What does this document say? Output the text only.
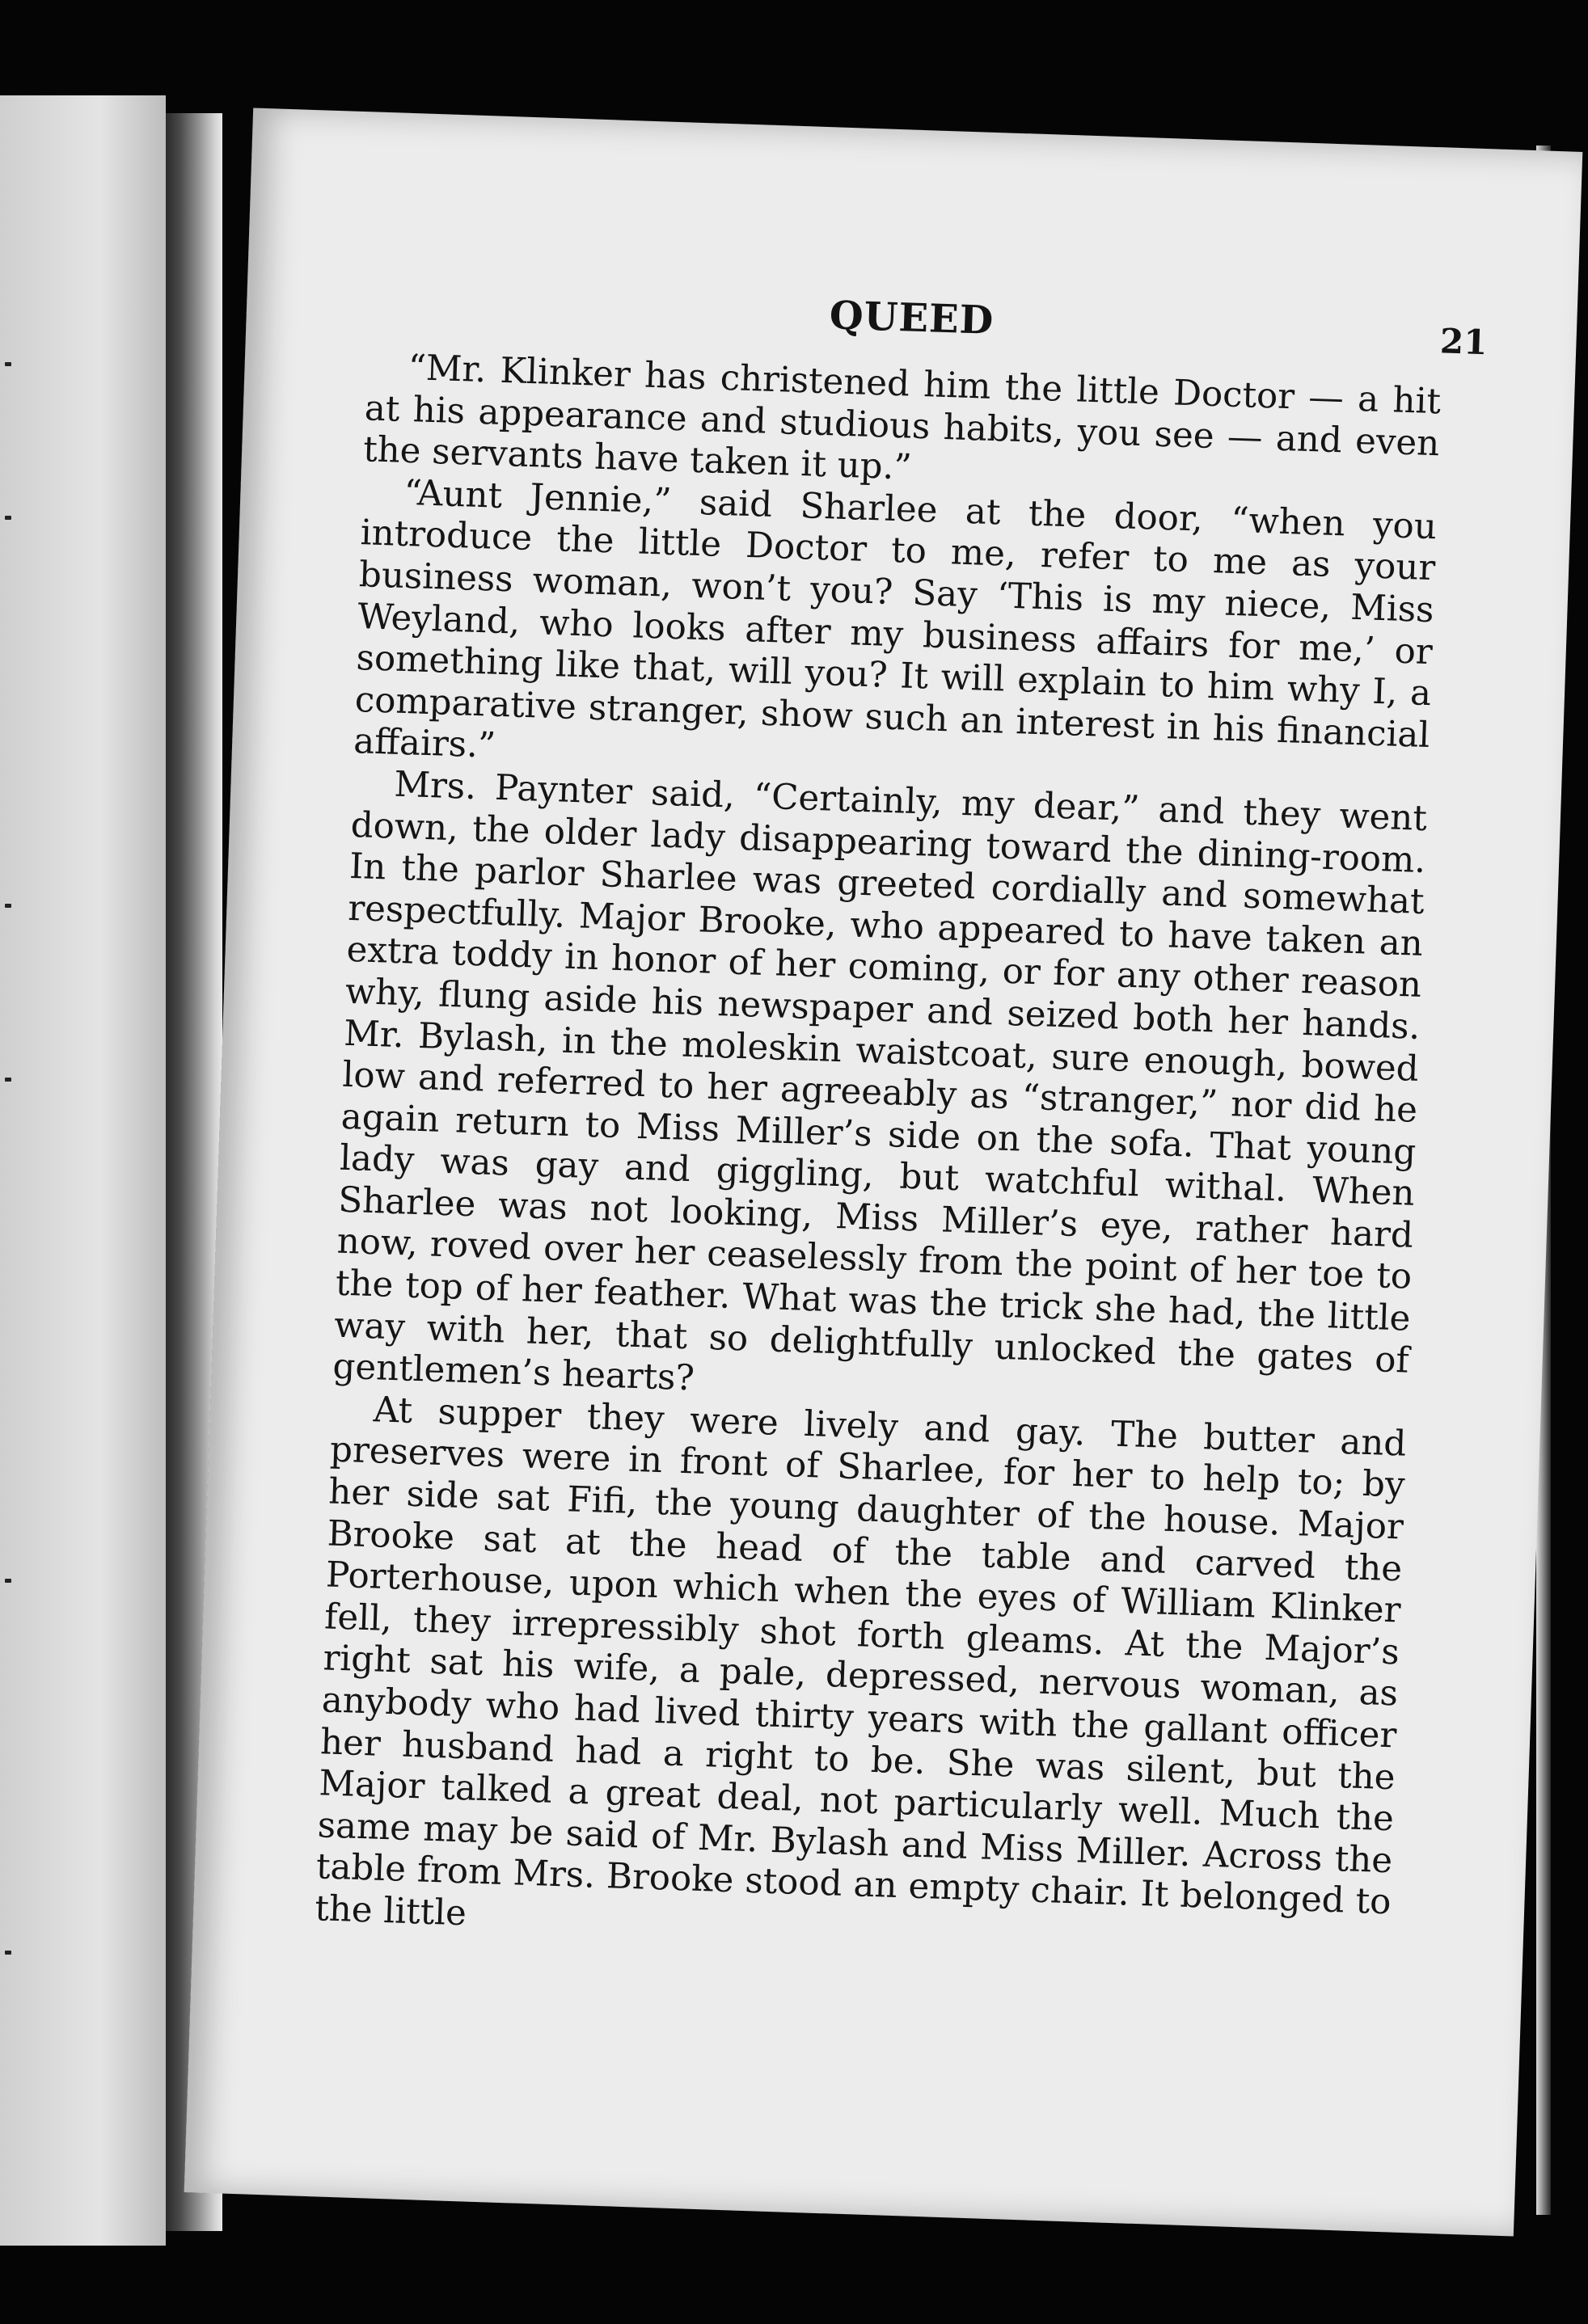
QUEED	21

“Mr. Klinker has christened him the little Doctor — a hit at his appearance and studious habits, you see — and even the servants have taken it up.”

“Aunt Jennie,” said Sharlee at the door, “when you introduce the little Doctor to me, refer to me as your business woman, won’t you? Say ‘This is my niece, Miss Weyland, who looks after my business affairs for me,’ or something like that, will you? It will explain to him why I, a comparative stranger, show such an interest in his financial affairs.”

Mrs. Paynter said, “Certainly, my dear,” and they went down, the older lady disappearing toward the dining-room. In the parlor Sharlee was greeted cordially and somewhat respectfully. Major Brooke, who appeared to have taken an extra toddy in honor of her coming, or for any other reason why, flung aside his newspaper and seized both her hands. Mr. Bylash, in the moleskin waistcoat, sure enough, bowed low and referred to her agreeably as “stranger,” nor did he again return to Miss Miller’s side on the sofa. That young lady was gay and giggling, but watchful withal. When Sharlee was not looking, Miss Miller’s eye, rather hard now, roved over her ceaselessly from the point of her toe to the top of her feather. What was the trick she had, the little way with her, that so delightfully unlocked the gates of gentlemen’s hearts?

At supper they were lively and gay. The butter and preserves were in front of Sharlee, for her to help to; by her side sat Fifi, the young daughter of the house. Major Brooke sat at the head of the table and carved the Porterhouse, upon which when the eyes of William Klinker fell, they irrepressibly shot forth gleams. At the Major’s right sat his wife, a pale, depressed, nervous woman, as anybody who had lived thirty years with the gallant officer her husband had a right to be. She was silent, but the Major talked a great deal, not particularly well. Much the same may be said of Mr. Bylash and Miss Miller. Across the table from Mrs. Brooke stood an empty chair. It belonged to the little
